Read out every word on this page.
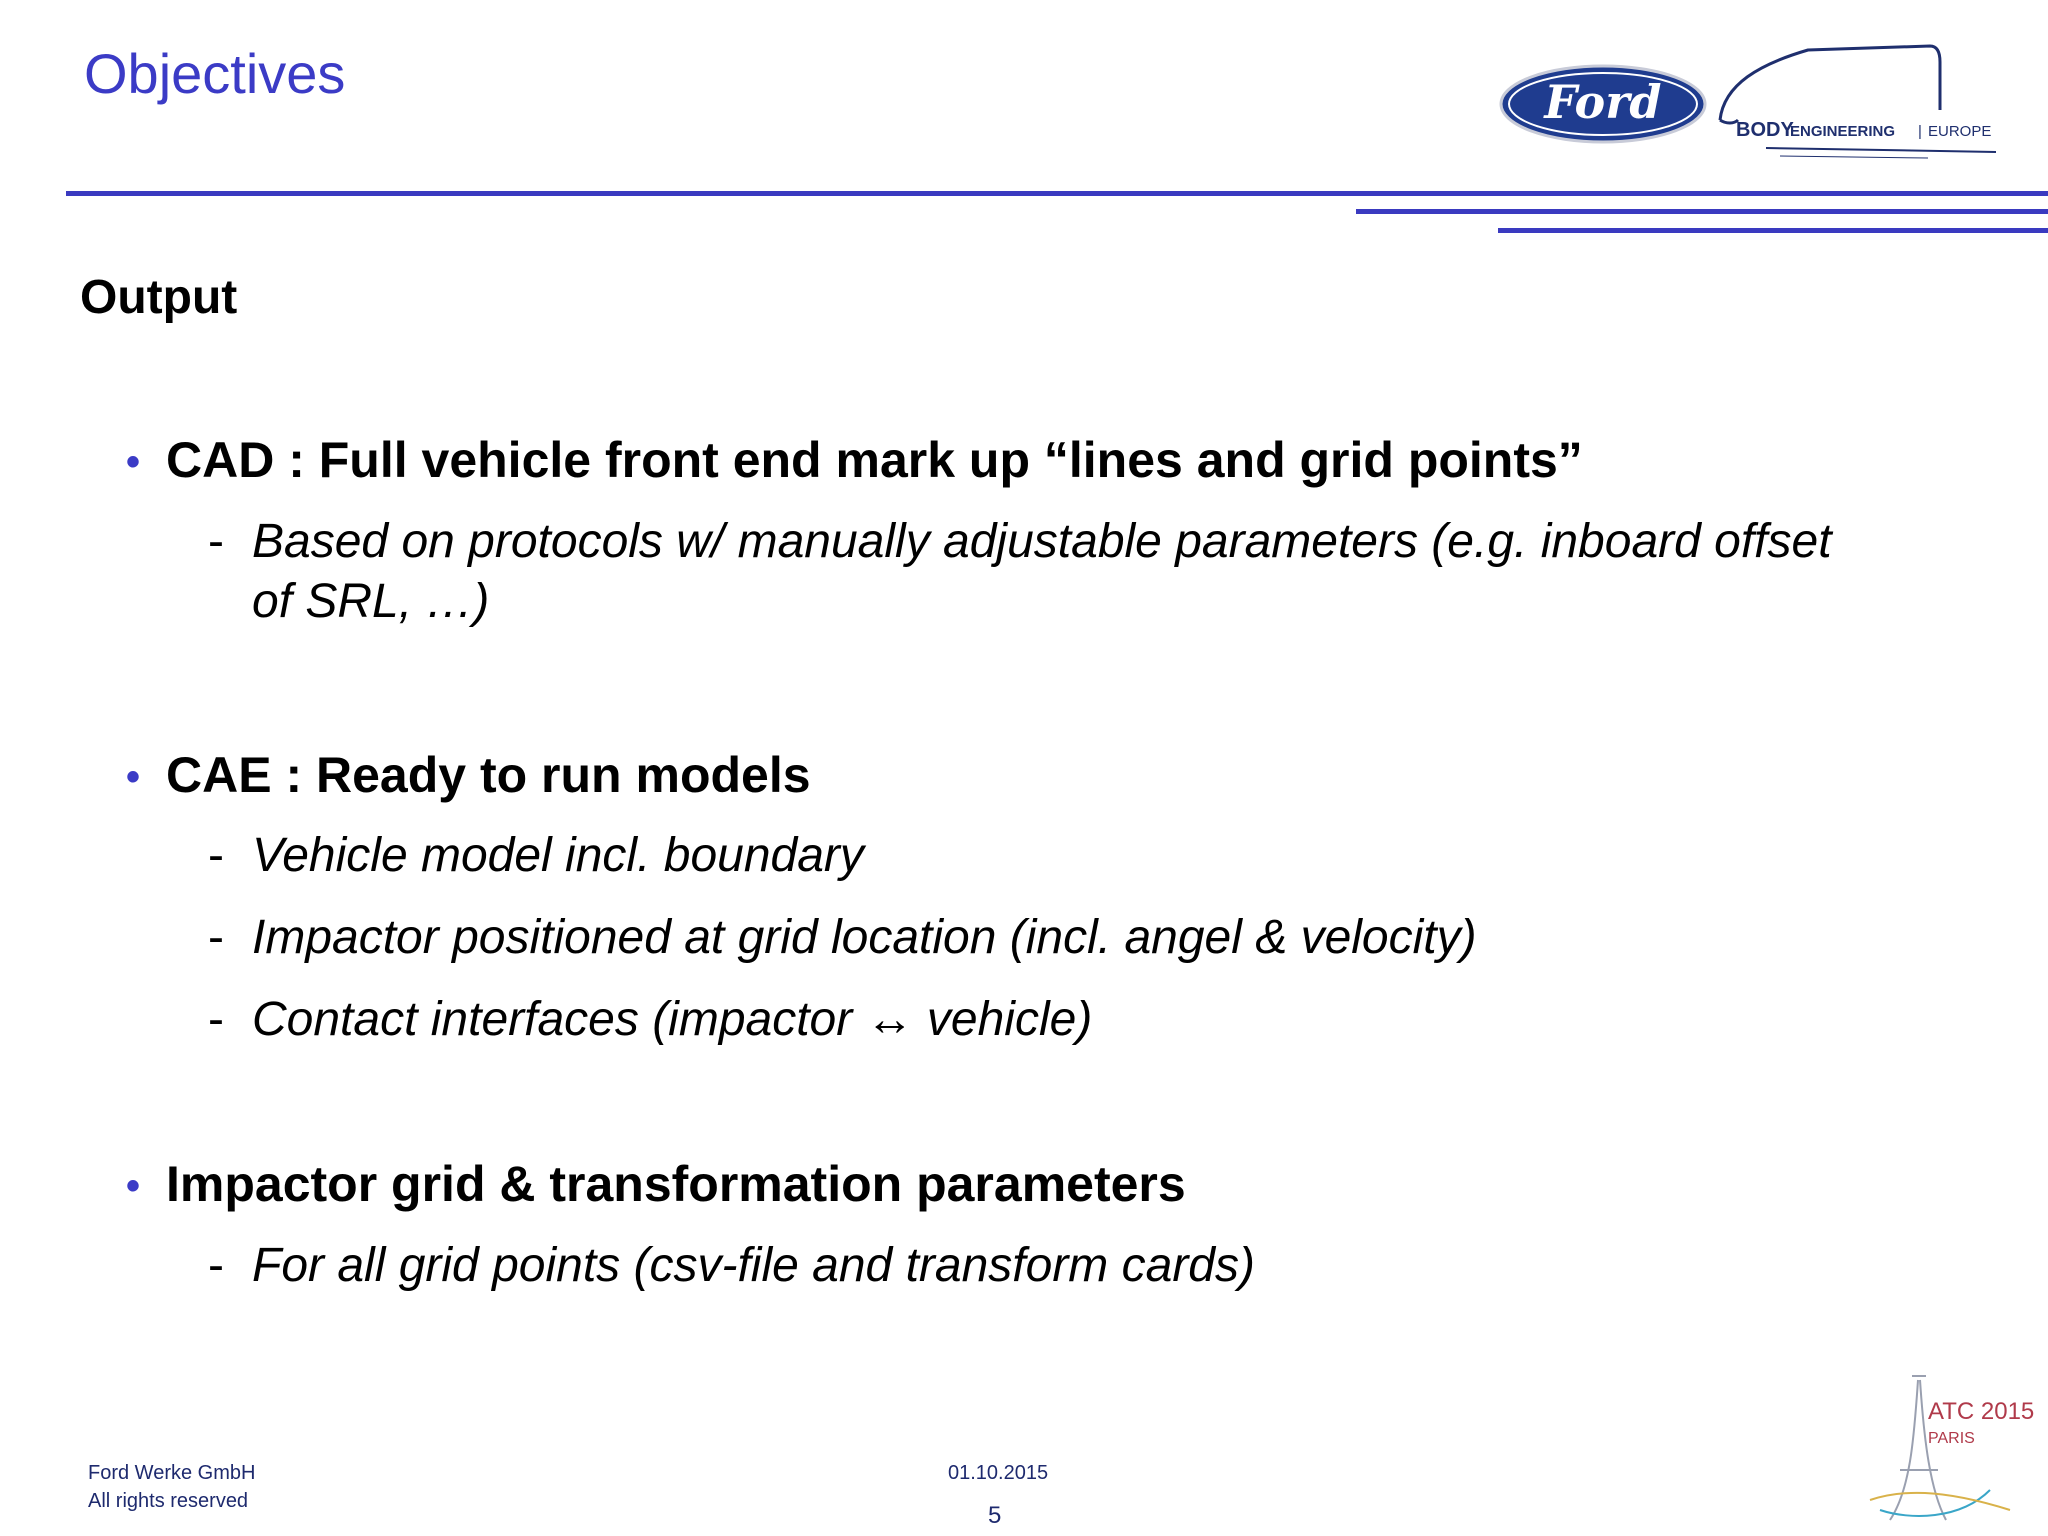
Objectives	Ford
BODY
ENGINEERING | EUROPE
Output
• CAD : Full vehicle front end mark up “lines and grid points”
- Based on protocols w/ manually adjustable parameters (e.g. inboard offset of SRL, …)
• CAE : Ready to run models
- Vehicle model incl. boundary
- Impactor positioned at grid location (incl. angel & velocity)
- Contact interfaces (impactor ↔ vehicle)
• Impactor grid & transformation parameters
- For all grid points (csv-file and transform cards)
Ford Werke GmbH
All rights reserved
01.10.2015
5
ATC 2015
PARIS
